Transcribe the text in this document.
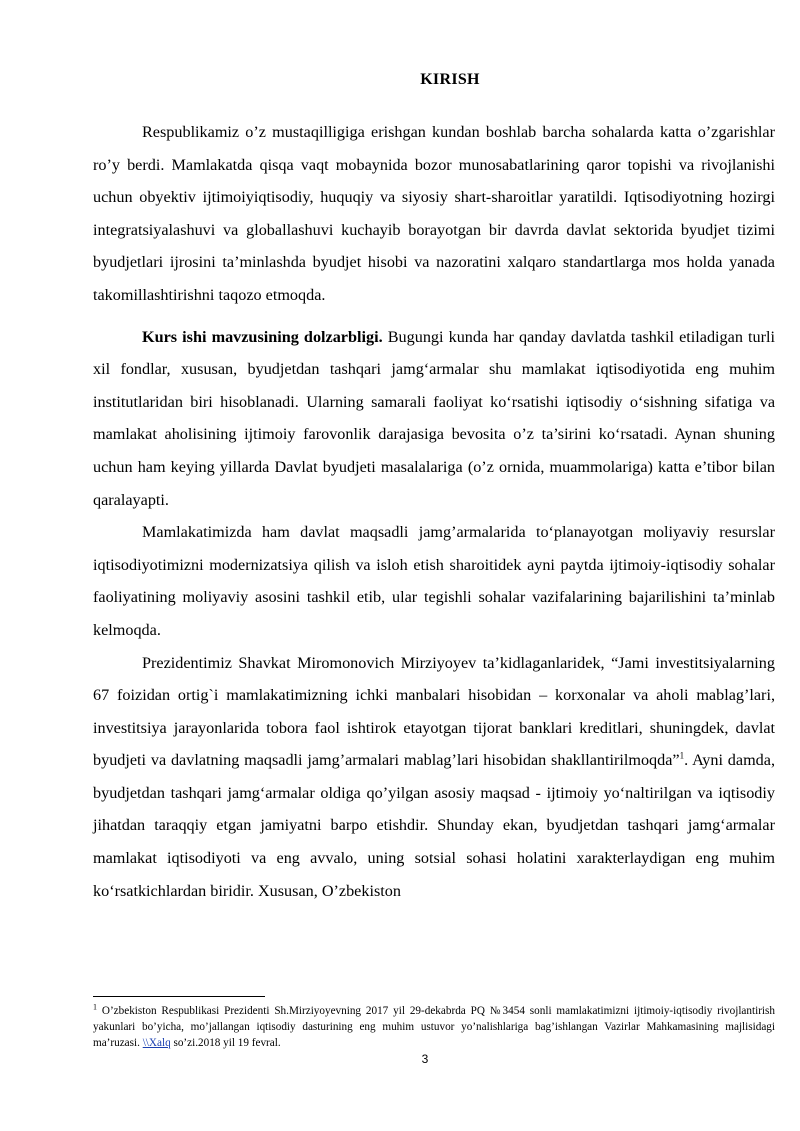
KIRISH

Respublikamiz o’z mustaqilligiga erishgan kundan boshlab barcha sohalarda katta o’zgarishlar ro’y berdi. Mamlakatda qisqa vaqt mobaynida bozor munosabatlarining qaror topishi va rivojlanishi uchun obyektiv ijtimoiyiqtisodiy, huquqiy va siyosiy shart-sharoitlar yaratildi. Iqtisodiyotning hozirgi integratsiyalashuvi va globallashuvi kuchayib borayotgan bir davrda davlat sektorida byudjet tizimi byudjetlari ijrosini ta’minlashda byudjet hisobi va nazoratini xalqaro standartlarga mos holda yanada takomillashtirishni taqozo etmoqda.

Kurs ishi mavzusining dolzarbligi. Bugungi kunda har qanday davlatda tashkil etiladigan turli xil fondlar, xususan, byudjetdan tashqari jamg‘armalar shu mamlakat iqtisodiyotida eng muhim institutlaridan biri hisoblanadi. Ularning samarali faoliyat ko‘rsatishi iqtisodiy o‘sishning sifatiga va mamlakat aholisining ijtimoiy farovonlik darajasiga bevosita o’z ta’sirini ko‘rsatadi. Aynan shuning uchun ham keying yillarda Davlat byudjeti masalalariga (o’z ornida, muammolariga) katta e’tibor bilan qaralayapti.

Mamlakatimizda ham davlat maqsadli jamg’armalarida to‘planayotgan moliyaviy resurslar iqtisodiyotimizni modernizatsiya qilish va isloh etish sharoitidek ayni paytda ijtimoiy-iqtisodiy sohalar faoliyatining moliyaviy asosini tashkil etib, ular tegishli sohalar vazifalarining bajarilishini ta’minlab kelmoqda.

Prezidentimiz Shavkat Miromonovich Mirziyoyev ta’kidlaganlaridek, “Jami investitsiyalarning 67 foizidan ortig`i mamlakatimizning ichki manbalari hisobidan – korxonalar va aholi mablag’lari, investitsiya jarayonlarida tobora faol ishtirok etayotgan tijorat banklari kreditlari, shuningdek, davlat byudjeti va davlatning maqsadli jamg’armalari mablag’lari hisobidan shakllantirilmoqda”$^1$. Ayni damda, byudjetdan tashqari jamg‘armalar oldiga qo’yilgan asosiy maqsad - ijtimoiy yo‘naltirilgan va iqtisodiy jihatdan taraqqiy etgan jamiyatni barpo etishdir. Shunday ekan, byudjetdan tashqari jamg‘armalar mamlakat iqtisodiyoti va eng avvalo, uning sotsial sohasi holatini xarakterlaydigan eng muhim ko‘rsatkichlardan biridir. Xususan, O’zbekiston

$^1$ O’zbekiston Respublikasi Prezidenti Sh.Mirziyoyevning 2017 yil 29-dekabrda PQ №3454 sonli mamlakatimizni ijtimoiy-iqtisodiy rivojlantirish yakunlari bo’yicha, mo’jallangan iqtisodiy dasturining eng muhim ustuvor yo’nalishlariga bag’ishlangan Vazirlar Mahkamasining majlisidagi ma’ruzasi. \\Xalq so’zi.2018 yil 19 fevral.
3
